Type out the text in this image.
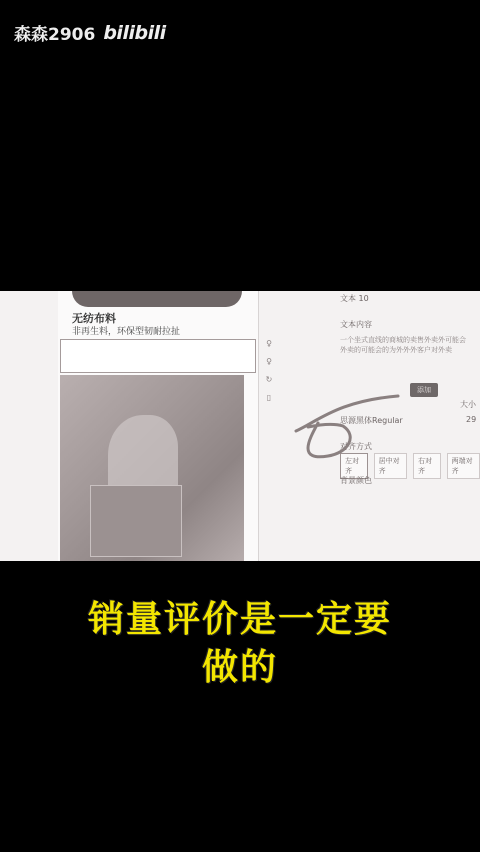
森森2906 bilibili
无纺布料
非再生料，环保型韧耐拉扯
♀
♀
↻
▯
文本 10
文本内容
一个坐式直线的商城的卖售外卖外可能会外卖的可能会的为外外外客户对外卖
添加
大小
思源黑体Regular	29
对齐方式
左对齐
居中对齐
右对齐
两端对齐
背景颜色
销量评价是一定要
做的
